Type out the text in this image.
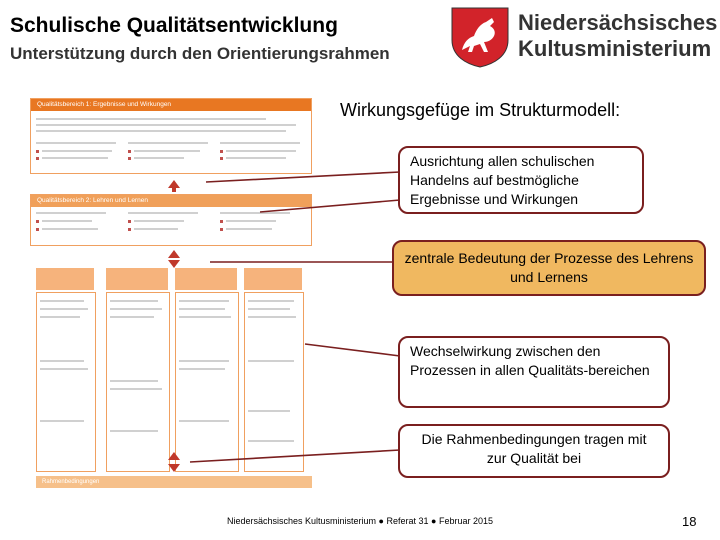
Schulische Qualitätsentwicklung
Unterstützung durch den Orientierungsrahmen
Niedersächsisches
Kultusministerium
Qualitätsbereich 1: Ergebnisse und Wirkungen
Qualitätsbereich 2: Lehren und Lernen
Rahmenbedingungen
Wirkungsgefüge im Strukturmodell:
Ausrichtung allen schulischen Handelns auf bestmögliche Ergebnisse und Wirkungen
zentrale Bedeutung der Prozesse des Lehrens und Lernens
Wechselwirkung zwischen den Prozessen in allen Qualitäts-bereichen
Die Rahmenbedingungen tragen mit zur Qualität bei
Niedersächsisches Kultusministerium ● Referat 31 ● Februar 2015	18
